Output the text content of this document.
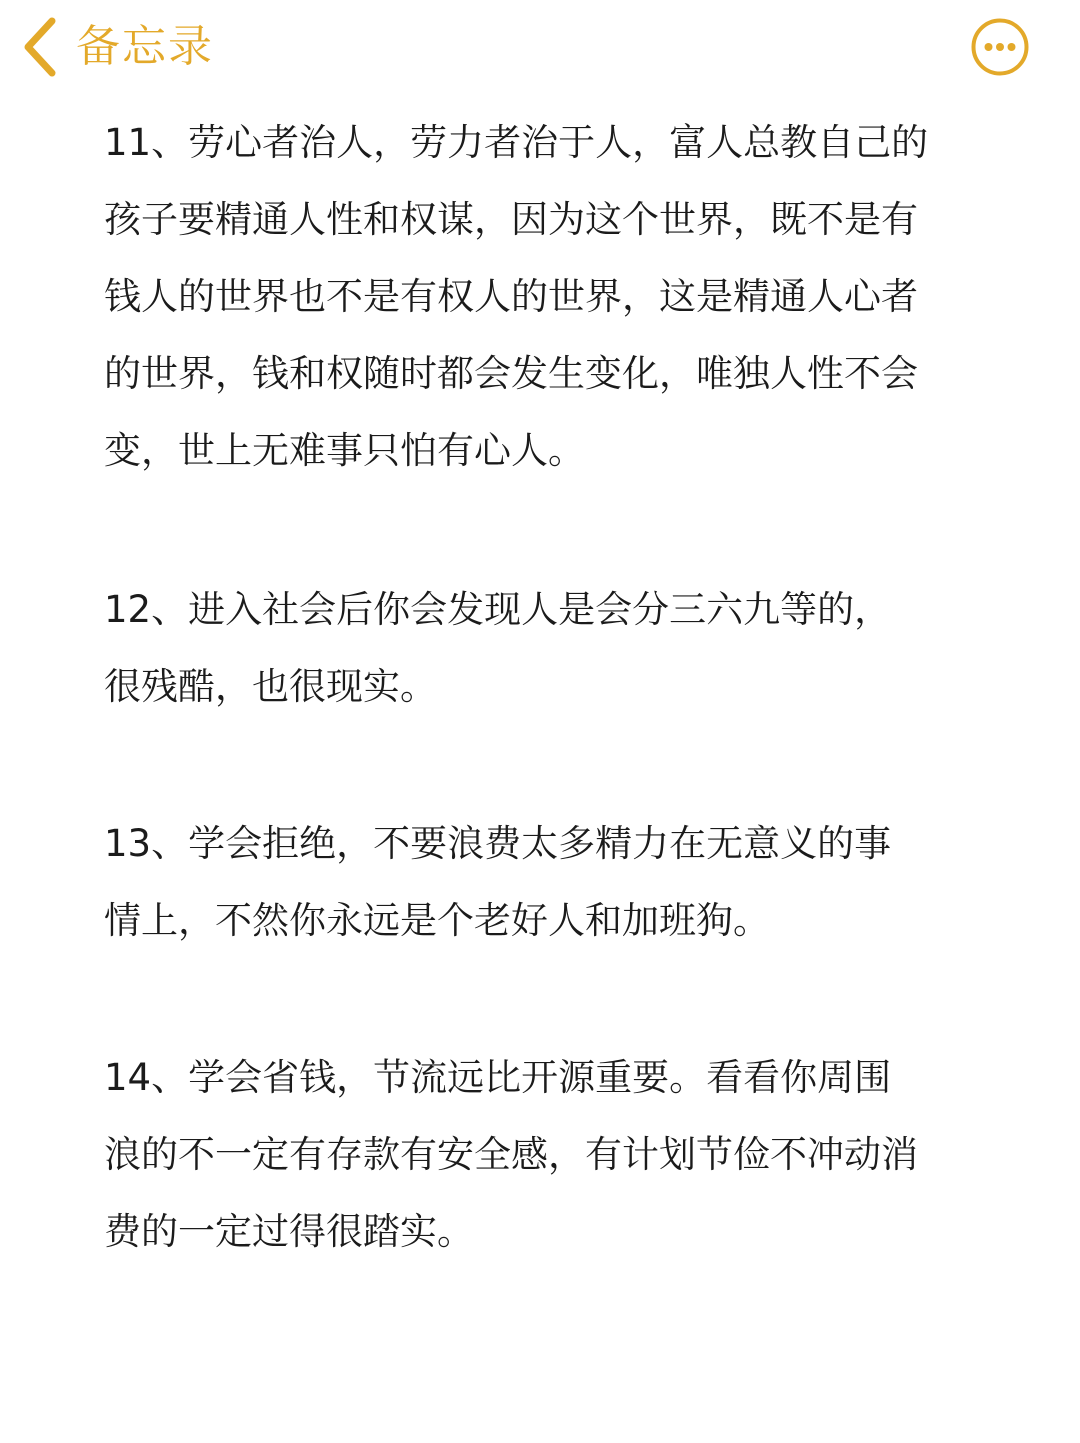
备忘录

11、劳心者治人，劳力者治于人，富人总教自己的
孩子要精通人性和权谋，因为这个世界，既不是有
钱人的世界也不是有权人的世界，这是精通人心者
的世界，钱和权随时都会发生变化，唯独人性不会
变，世上无难事只怕有心人。

12、进入社会后你会发现人是会分三六九等的，
很残酷，也很现实。

13、学会拒绝，不要浪费太多精力在无意义的事
情上，不然你永远是个老好人和加班狗。

14、学会省钱，节流远比开源重要。看看你周围
浪的不一定有存款有安全感，有计划节俭不冲动消
费的一定过得很踏实。
